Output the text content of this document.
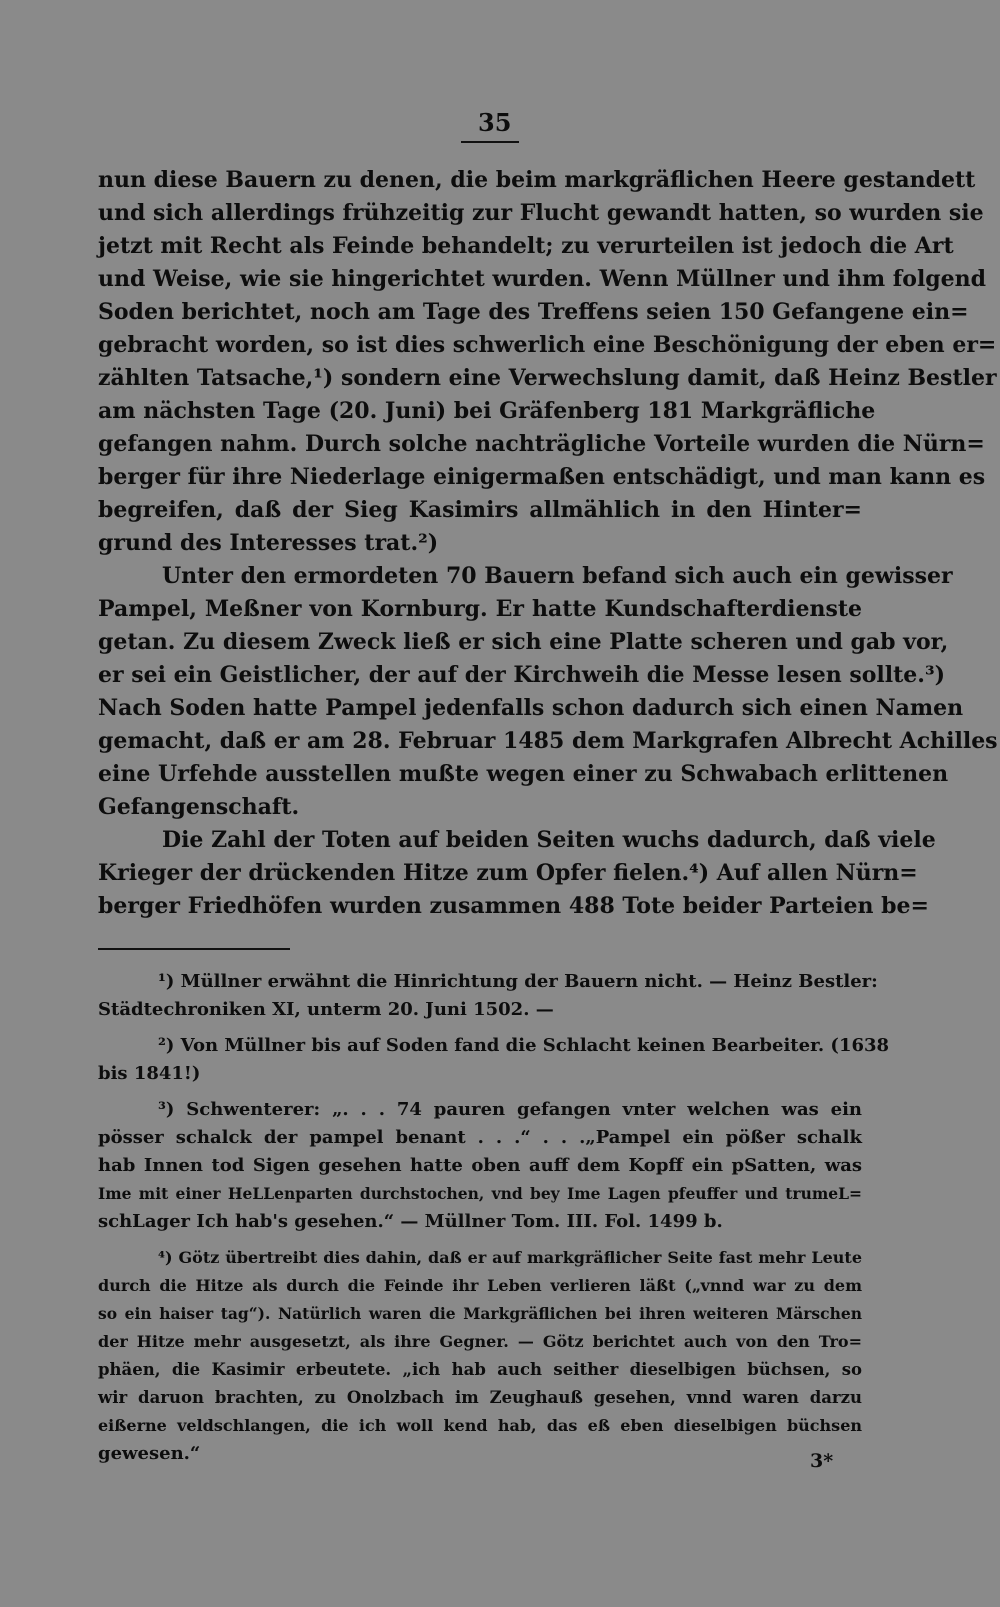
35
nun diese Bauern zu denen, die beim markgräflichen Heere gestandett
und sich allerdings frühzeitig zur Flucht gewandt hatten, so wurden sie
jetzt mit Recht als Feinde behandelt; zu verurteilen ist jedoch die Art
und Weise, wie sie hingerichtet wurden. Wenn Müllner und ihm folgend
Soden berichtet, noch am Tage des Treffens seien 150 Gefangene ein=
gebracht worden, so ist dies schwerlich eine Beschönigung der eben er=
zählten Tatsache,¹) sondern eine Verwechslung damit, daß Heinz Bestler
am nächsten Tage (20. Juni) bei Gräfenberg 181 Markgräfliche
gefangen nahm. Durch solche nachträgliche Vorteile wurden die Nürn=
berger für ihre Niederlage einigermaßen entschädigt, und man kann es
begreifen, daß der Sieg Kasimirs allmählich in den Hinter=
grund des Interesses trat.²)
Unter den ermordeten 70 Bauern befand sich auch ein gewisser
Pampel, Meßner von Kornburg. Er hatte Kundschafterdienste
getan. Zu diesem Zweck ließ er sich eine Platte scheren und gab vor,
er sei ein Geistlicher, der auf der Kirchweih die Messe lesen sollte.³)
Nach Soden hatte Pampel jedenfalls schon dadurch sich einen Namen
gemacht, daß er am 28. Februar 1485 dem Markgrafen Albrecht Achilles
eine Urfehde ausstellen mußte wegen einer zu Schwabach erlittenen
Gefangenschaft.
Die Zahl der Toten auf beiden Seiten wuchs dadurch, daß viele
Krieger der drückenden Hitze zum Opfer fielen.⁴) Auf allen Nürn=
berger Friedhöfen wurden zusammen 488 Tote beider Parteien be=
¹) Müllner erwähnt die Hinrichtung der Bauern nicht. — Heinz Bestler:
Städtechroniken XI, unterm 20. Juni 1502. —
²) Von Müllner bis auf Soden fand die Schlacht keinen Bearbeiter. (1638
bis 1841!)
³) Schwenterer: „. . . 74 pauren gefangen vnter welchen was ein
pösser schalck der pampel benant . . .“ . . .„Pampel ein pößer schalk
hab Innen tod Sigen gesehen hatte oben auff dem Kopff ein pSatten, was
Ime mit einer HeLLenparten durchstochen, vnd bey Ime Lagen pfeuffer und trumeL=
schLager Ich hab's gesehen.“ — Müllner Tom. III. Fol. 1499 b.
⁴) Götz übertreibt dies dahin, daß er auf markgräflicher Seite fast mehr Leute
durch die Hitze als durch die Feinde ihr Leben verlieren läßt („vnnd war zu dem
so ein haiser tag“). Natürlich waren die Markgräflichen bei ihren weiteren Märschen
der Hitze mehr ausgesetzt, als ihre Gegner. — Götz berichtet auch von den Tro=
phäen, die Kasimir erbeutete. „ich hab auch seither dieselbigen büchsen, so
wir daruon brachten, zu Onolzbach im Zeughauß gesehen, vnnd waren darzu
eißerne veldschlangen, die ich woll kend hab, das eß eben dieselbigen büchsen
gewesen.“	3*
